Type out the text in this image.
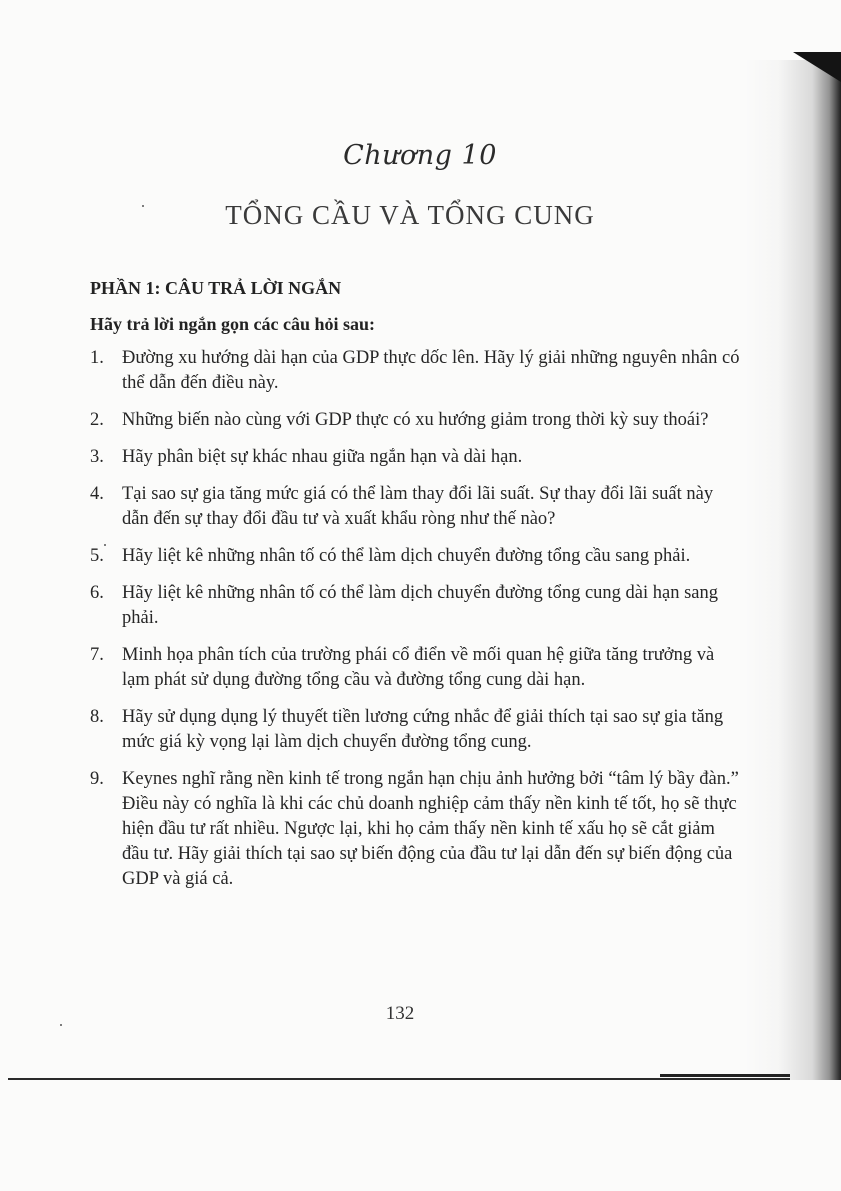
Chương 10
TỔNG CẦU VÀ TỔNG CUNG
PHẦN 1: CÂU TRẢ LỜI NGẮN
Hãy trả lời ngắn gọn các câu hỏi sau:
1 . Đường xu hướng dài hạn của GDP thực dốc lên. Hãy lý giải những nguyên nhân có thể dẫn đến điều này.
2 . Những biến nào cùng với GDP thực có xu hướng giảm trong thời kỳ suy thoái?
3 . Hãy phân biệt sự khác nhau giữa ngắn hạn và dài hạn.
4 . Tại sao sự gia tăng mức giá có thể làm thay đổi lãi suất. Sự thay đổi lãi suất này dẫn đến sự thay đổi đầu tư và xuất khẩu ròng như thế nào?
5 . Hãy liệt kê những nhân tố có thể làm dịch chuyển đường tổng cầu sang phải.
6 . Hãy liệt kê những nhân tố có thể làm dịch chuyển đường tổng cung dài hạn sang phải.
7 . Minh họa phân tích của trường phái cổ điển về mối quan hệ giữa tăng trưởng và lạm phát sử dụng đường tổng cầu và đường tổng cung dài hạn.
8 . Hãy sử dụng dụng lý thuyết tiền lương cứng nhắc để giải thích tại sao sự gia tăng mức giá kỳ vọng lại làm dịch chuyển đường tổng cung.
9 . Keynes nghĩ rằng nền kinh tế trong ngắn hạn chịu ảnh hưởng bởi “tâm lý bầy đàn.” Điều này có nghĩa là khi các chủ doanh nghiệp cảm thấy nền kinh tế tốt, họ sẽ thực hiện đầu tư rất nhiều. Ngược lại, khi họ cảm thấy nền kinh tế xấu họ sẽ cắt giảm đầu tư. Hãy giải thích tại sao sự biến động của đầu tư lại dẫn đến sự biến động của GDP và giá cả.
132
